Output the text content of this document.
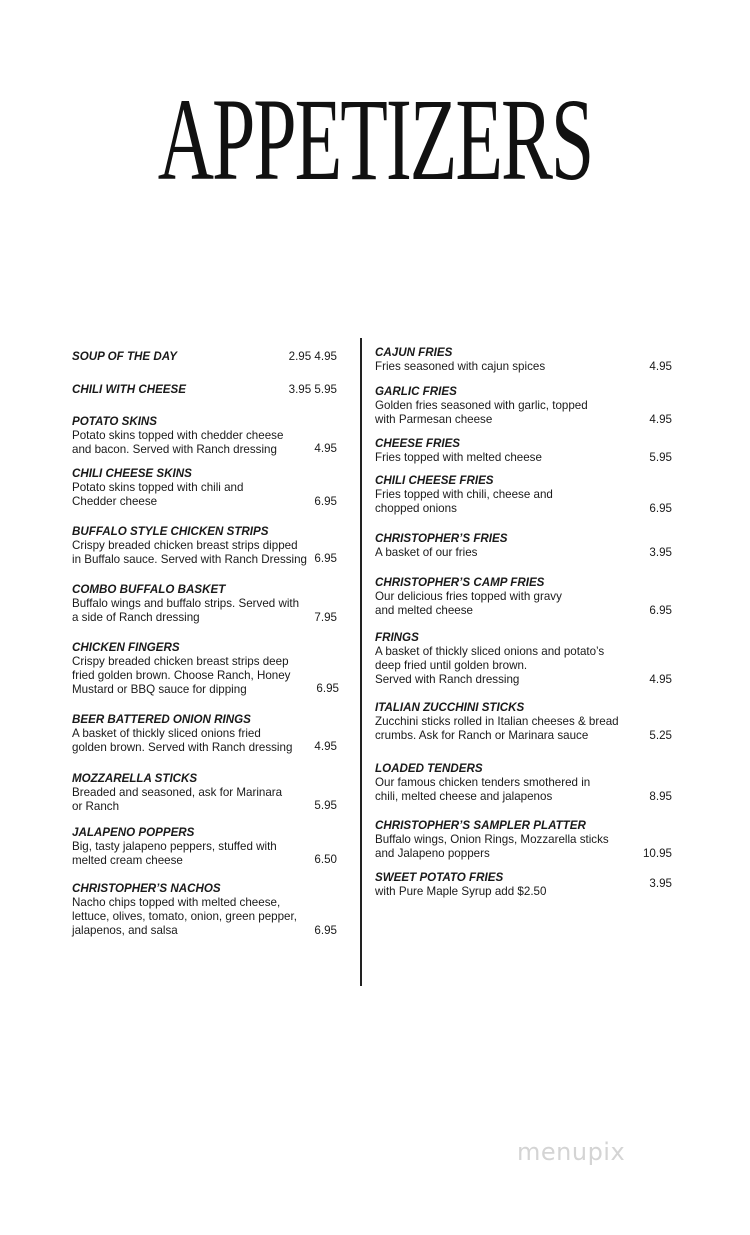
APPETIZERS
SOUP OF THE DAY	2.95 4.95
CHILI WITH CHEESE	3.95 5.95
POTATO SKINS
Potato skins topped with chedder cheese
and bacon. Served with Ranch dressing	4.95
CHILI CHEESE SKINS
Potato skins topped with chili and
Chedder cheese	6.95
BUFFALO STYLE CHICKEN STRIPS
Crispy breaded chicken breast strips dipped
in Buffalo sauce. Served with Ranch Dressing 6.95
COMBO BUFFALO BASKET
Buffalo wings and buffalo strips. Served with
a side of Ranch dressing	7.95
CHICKEN FINGERS
Crispy breaded chicken breast strips deep
fried golden brown. Choose Ranch, Honey
Mustard or BBQ sauce for dipping	6.95
BEER BATTERED ONION RINGS
A basket of thickly sliced onions fried
golden brown. Served with Ranch dressing	4.95
MOZZARELLA STICKS
Breaded and seasoned, ask for Marinara
or Ranch	5.95
JALAPENO POPPERS
Big, tasty jalapeno peppers, stuffed with
melted cream cheese	6.50
CHRISTOPHER’S NACHOS
Nacho chips topped with melted cheese,
lettuce, olives, tomato, onion, green pepper,
jalapenos, and salsa	6.95
CAJUN FRIES
Fries seasoned with cajun spices	4.95
GARLIC FRIES
Golden fries seasoned with garlic, topped
with Parmesan cheese	4.95
CHEESE FRIES
Fries topped with melted cheese	5.95
CHILI CHEESE FRIES
Fries topped with chili, cheese and
chopped onions	6.95
CHRISTOPHER’S FRIES
A basket of our fries	3.95
CHRISTOPHER’S CAMP FRIES
Our delicious fries topped with gravy
and melted cheese	6.95
FRINGS
A basket of thickly sliced onions and potato’s
deep fried until golden brown.
Served with Ranch dressing	4.95
ITALIAN ZUCCHINI STICKS
Zucchini sticks rolled in Italian cheeses & bread
crumbs. Ask for Ranch or Marinara sauce	5.25
LOADED TENDERS
Our famous chicken tenders smothered in
chili, melted cheese and jalapenos	8.95
CHRISTOPHER’S SAMPLER PLATTER
Buffalo wings, Onion Rings, Mozzarella sticks
and Jalapeno poppers	10.95
SWEET POTATO FRIES
with Pure Maple Syrup add $2.50
3.95
menupix
